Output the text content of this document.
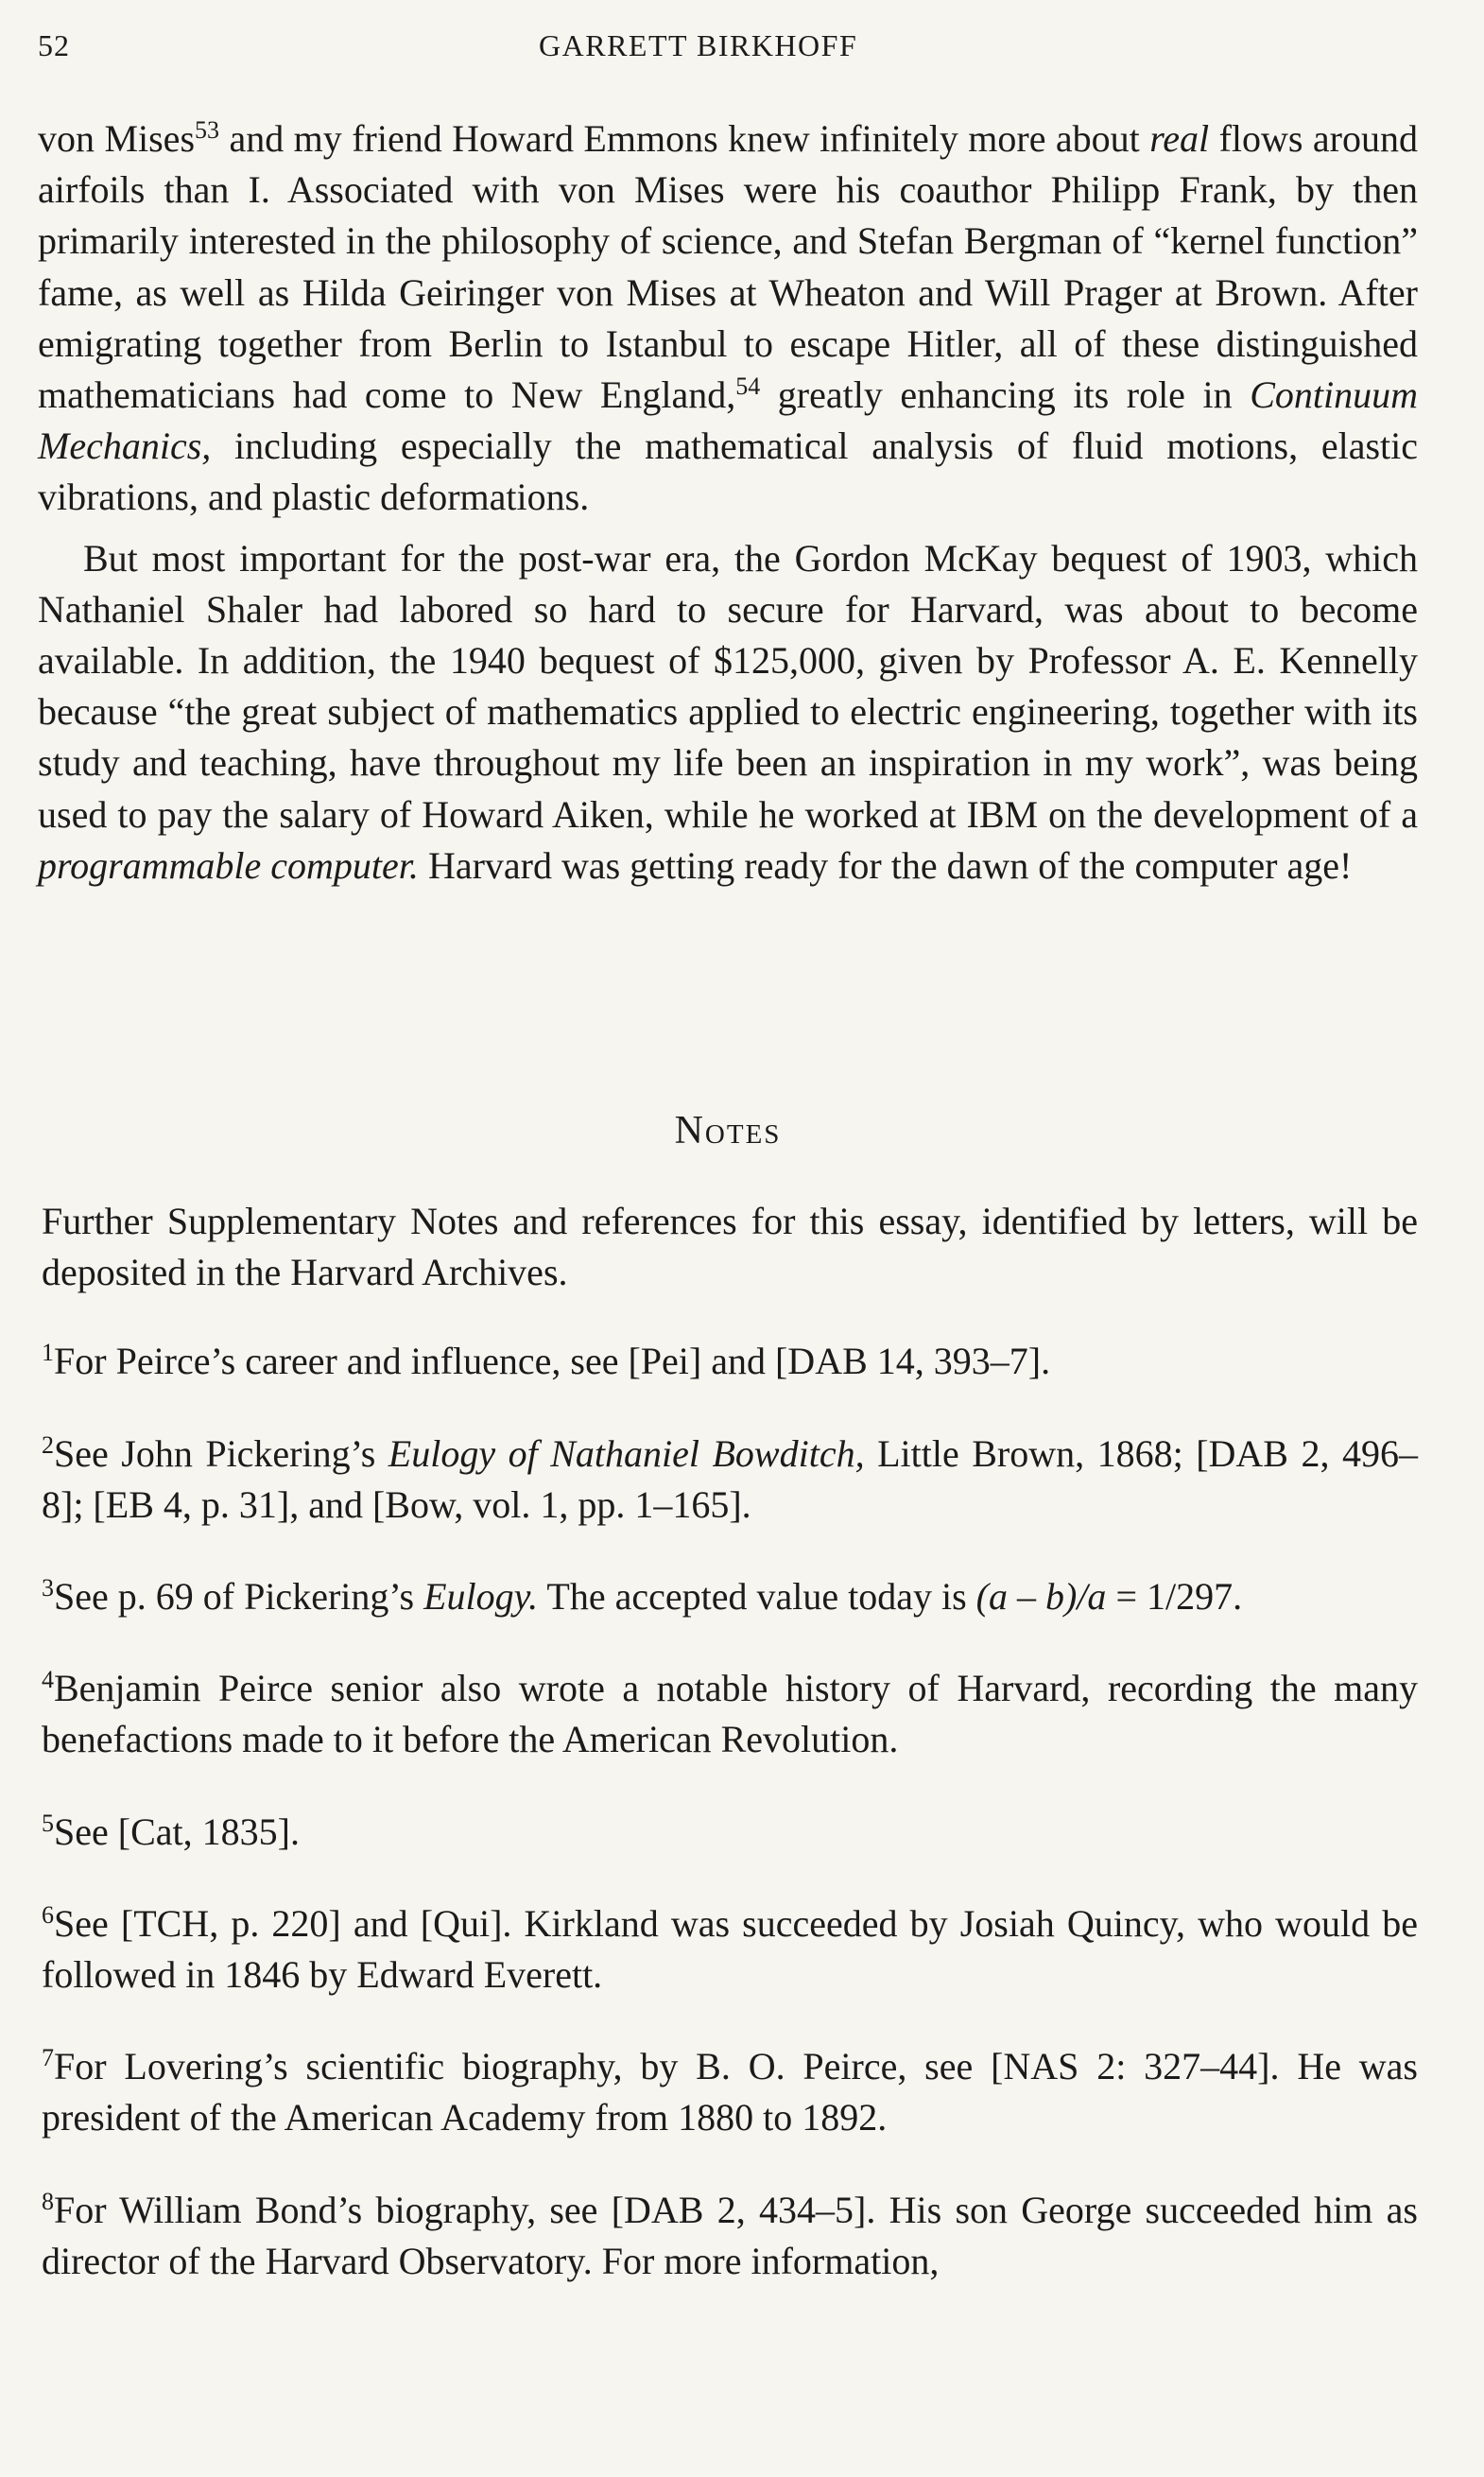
52	GARRETT BIRKHOFF

von Mises$^{53}$ and my friend Howard Emmons knew infinitely more about real flows around airfoils than I. Associated with von Mises were his coauthor Philipp Frank, by then primarily interested in the philosophy of science, and Stefan Bergman of “kernel function” fame, as well as Hilda Geiringer von Mises at Wheaton and Will Prager at Brown. After emigrating together from Berlin to Istanbul to escape Hitler, all of these distinguished mathematicians had come to New England,$^{54}$ greatly enhancing its role in Continuum Mechanics, including especially the mathematical analysis of fluid motions, elastic vibrations, and plastic deformations.

But most important for the post-war era, the Gordon McKay bequest of 1903, which Nathaniel Shaler had labored so hard to secure for Harvard, was about to become available. In addition, the 1940 bequest of $125,000, given by Professor A. E. Kennelly because “the great subject of mathematics applied to electric engineering, together with its study and teaching, have throughout my life been an inspiration in my work”, was being used to pay the salary of Howard Aiken, while he worked at IBM on the development of a programmable computer. Harvard was getting ready for the dawn of the computer age!

Notes

Further Supplementary Notes and references for this essay, identified by letters, will be deposited in the Harvard Archives.

$^1$For Peirce’s career and influence, see [Pei] and [DAB 14, 393–7].

$^2$See John Pickering’s Eulogy of Nathaniel Bowditch, Little Brown, 1868; [DAB 2, 496–8]; [EB 4, p. 31], and [Bow, vol. 1, pp. 1–165].

$^3$See p. 69 of Pickering’s Eulogy. The accepted value today is (a – b)/a = 1/297.

$^4$Benjamin Peirce senior also wrote a notable history of Harvard, recording the many benefactions made to it before the American Revolution.

$^5$See [Cat, 1835].

$^6$See [TCH, p. 220] and [Qui]. Kirkland was succeeded by Josiah Quincy, who would be followed in 1846 by Edward Everett.

$^7$For Lovering’s scientific biography, by B. O. Peirce, see [NAS 2: 327–44]. He was president of the American Academy from 1880 to 1892.

$^8$For William Bond’s biography, see [DAB 2, 434–5]. His son George succeeded him as director of the Harvard Observatory. For more information,
